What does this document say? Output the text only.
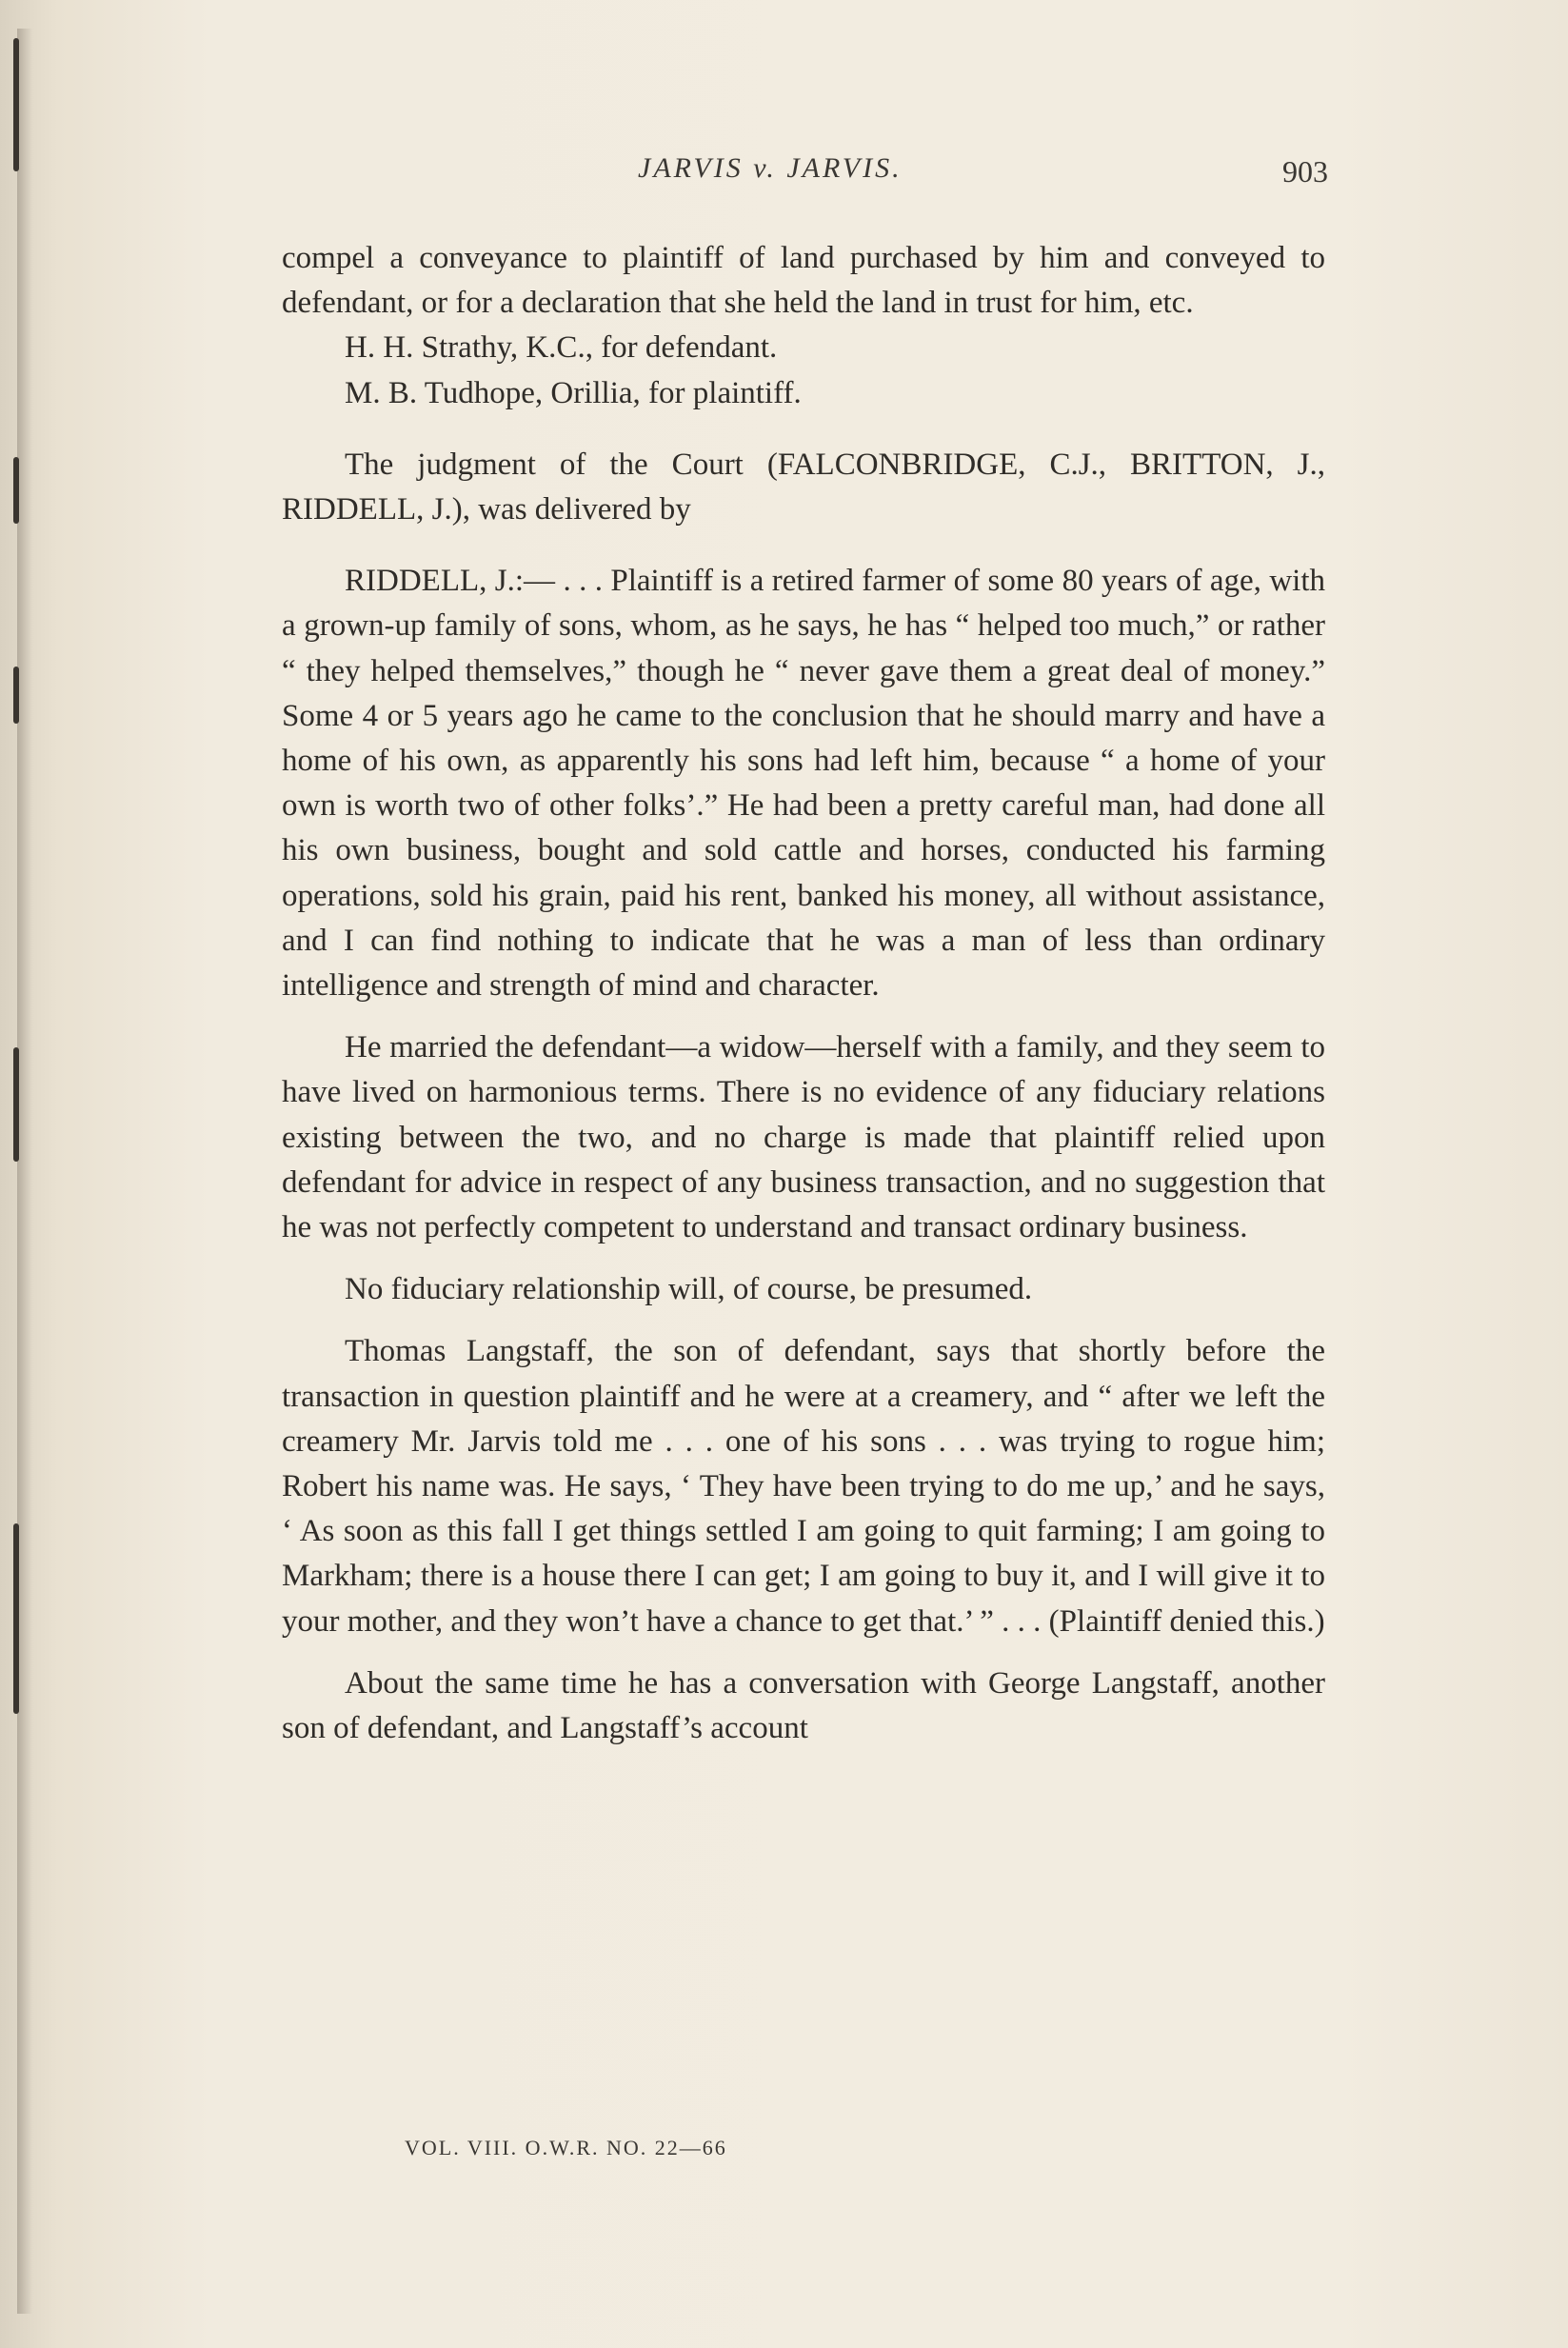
JARVIS v. JARVIS.	903

compel a conveyance to plaintiff of land purchased by him and conveyed to defendant, or for a declaration that she held the land in trust for him, etc.

H. H. Strathy, K.C., for defendant.

M. B. Tudhope, Orillia, for plaintiff.

The judgment of the Court (FALCONBRIDGE, C.J., BRITTON, J., RIDDELL, J.), was delivered by

RIDDELL, J.:— . . . Plaintiff is a retired farmer of some 80 years of age, with a grown-up family of sons, whom, as he says, he has “ helped too much,” or rather “ they helped themselves,” though he “ never gave them a great deal of money.” Some 4 or 5 years ago he came to the conclusion that he should marry and have a home of his own, as apparently his sons had left him, because “ a home of your own is worth two of other folks’.” He had been a pretty careful man, had done all his own business, bought and sold cattle and horses, conducted his farming operations, sold his grain, paid his rent, banked his money, all without assistance, and I can find nothing to indicate that he was a man of less than ordinary intelligence and strength of mind and character.

He married the defendant—a widow—herself with a family, and they seem to have lived on harmonious terms. There is no evidence of any fiduciary relations existing between the two, and no charge is made that plaintiff relied upon defendant for advice in respect of any business transaction, and no suggestion that he was not perfectly competent to understand and transact ordinary business.

No fiduciary relationship will, of course, be presumed.

Thomas Langstaff, the son of defendant, says that shortly before the transaction in question plaintiff and he were at a creamery, and “ after we left the creamery Mr. Jarvis told me . . . one of his sons . . . was trying to rogue him; Robert his name was. He says, ‘ They have been trying to do me up,’ and he says, ‘ As soon as this fall I get things settled I am going to quit farming; I am going to Markham; there is a house there I can get; I am going to buy it, and I will give it to your mother, and they won’t have a chance to get that.’ ” . . . (Plaintiff denied this.)

About the same time he has a conversation with George Langstaff, another son of defendant, and Langstaff’s account

VOL. VIII. O.W.R. NO. 22—66
